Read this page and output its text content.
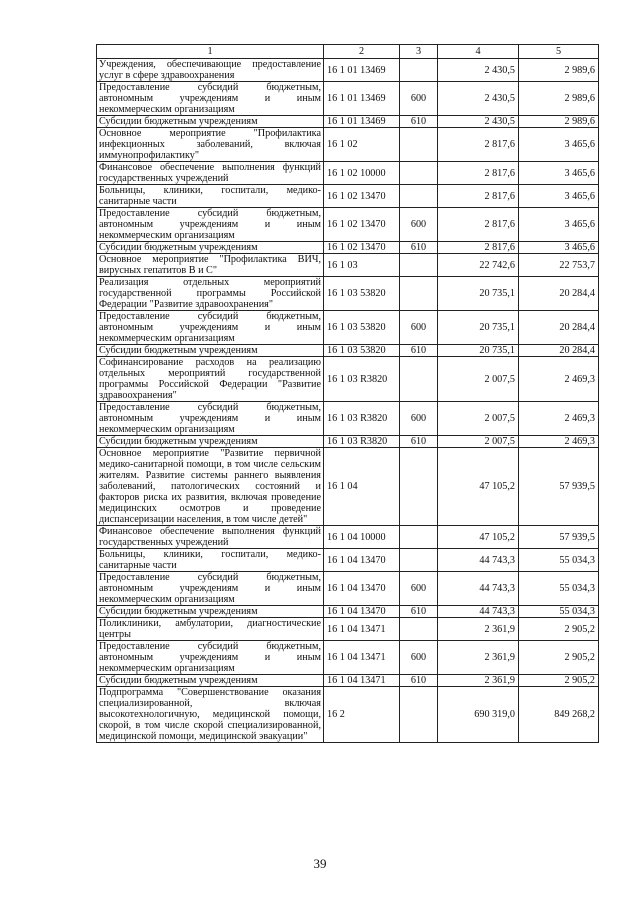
1	2	3	4	5
Учреждения, обеспечивающие предоставление услуг в сфере здравоохранения	16 1 01 13469		2 430,5	2 989,6
Предоставление субсидий бюджетным, автономным учреждениям и иным некоммерческим организациям	16 1 01 13469	600	2 430,5	2 989,6
Субсидии бюджетным учреждениям	16 1 01 13469	610	2 430,5	2 989,6
Основное мероприятие "Профилактика инфекционных заболеваний, включая иммунопрофилактику"	16 1 02		2 817,6	3 465,6
Финансовое обеспечение выполнения функций государственных учреждений	16 1 02 10000		2 817,6	3 465,6
Больницы, клиники, госпитали, медико-санитарные части	16 1 02 13470		2 817,6	3 465,6
Предоставление субсидий бюджетным, автономным учреждениям и иным некоммерческим организациям	16 1 02 13470	600	2 817,6	3 465,6
Субсидии бюджетным учреждениям	16 1 02 13470	610	2 817,6	3 465,6
Основное мероприятие "Профилактика ВИЧ, вирусных гепатитов В и С"	16 1 03		22 742,6	22 753,7
Реализация отдельных мероприятий государственной программы Российской Федерации "Развитие здравоохранения"	16 1 03 53820		20 735,1	20 284,4
Предоставление субсидий бюджетным, автономным учреждениям и иным некоммерческим организациям	16 1 03 53820	600	20 735,1	20 284,4
Субсидии бюджетным учреждениям	16 1 03 53820	610	20 735,1	20 284,4
Софинансирование расходов на реализацию отдельных мероприятий государственной программы Российской Федерации "Развитие здравоохранения"	16 1 03 R3820		2 007,5	2 469,3
Предоставление субсидий бюджетным, автономным учреждениям и иным некоммерческим организациям	16 1 03 R3820	600	2 007,5	2 469,3
Субсидии бюджетным учреждениям	16 1 03 R3820	610	2 007,5	2 469,3
Основное мероприятие "Развитие первичной медико-санитарной помощи, в том числе сельским жителям. Развитие системы раннего выявления заболеваний, патологических состояний и факторов риска их развития, включая проведение медицинских осмотров и проведение диспансеризации населения, в том числе детей"	16 1 04		47 105,2	57 939,5
Финансовое обеспечение выполнения функций государственных учреждений	16 1 04 10000		47 105,2	57 939,5
Больницы, клиники, госпитали, медико-санитарные части	16 1 04 13470		44 743,3	55 034,3
Предоставление субсидий бюджетным, автономным учреждениям и иным некоммерческим организациям	16 1 04 13470	600	44 743,3	55 034,3
Субсидии бюджетным учреждениям	16 1 04 13470	610	44 743,3	55 034,3
Поликлиники, амбулатории, диагностические центры	16 1 04 13471		2 361,9	2 905,2
Предоставление субсидий бюджетным, автономным учреждениям и иным некоммерческим организациям	16 1 04 13471	600	2 361,9	2 905,2
Субсидии бюджетным учреждениям	16 1 04 13471	610	2 361,9	2 905,2
Подпрограмма "Совершенствование оказания специализированной, включая высокотехнологичную, медицинской помощи, скорой, в том числе скорой специализированной, медицинской помощи, медицинской эвакуации"	16 2		690 319,0	849 268,2
39
